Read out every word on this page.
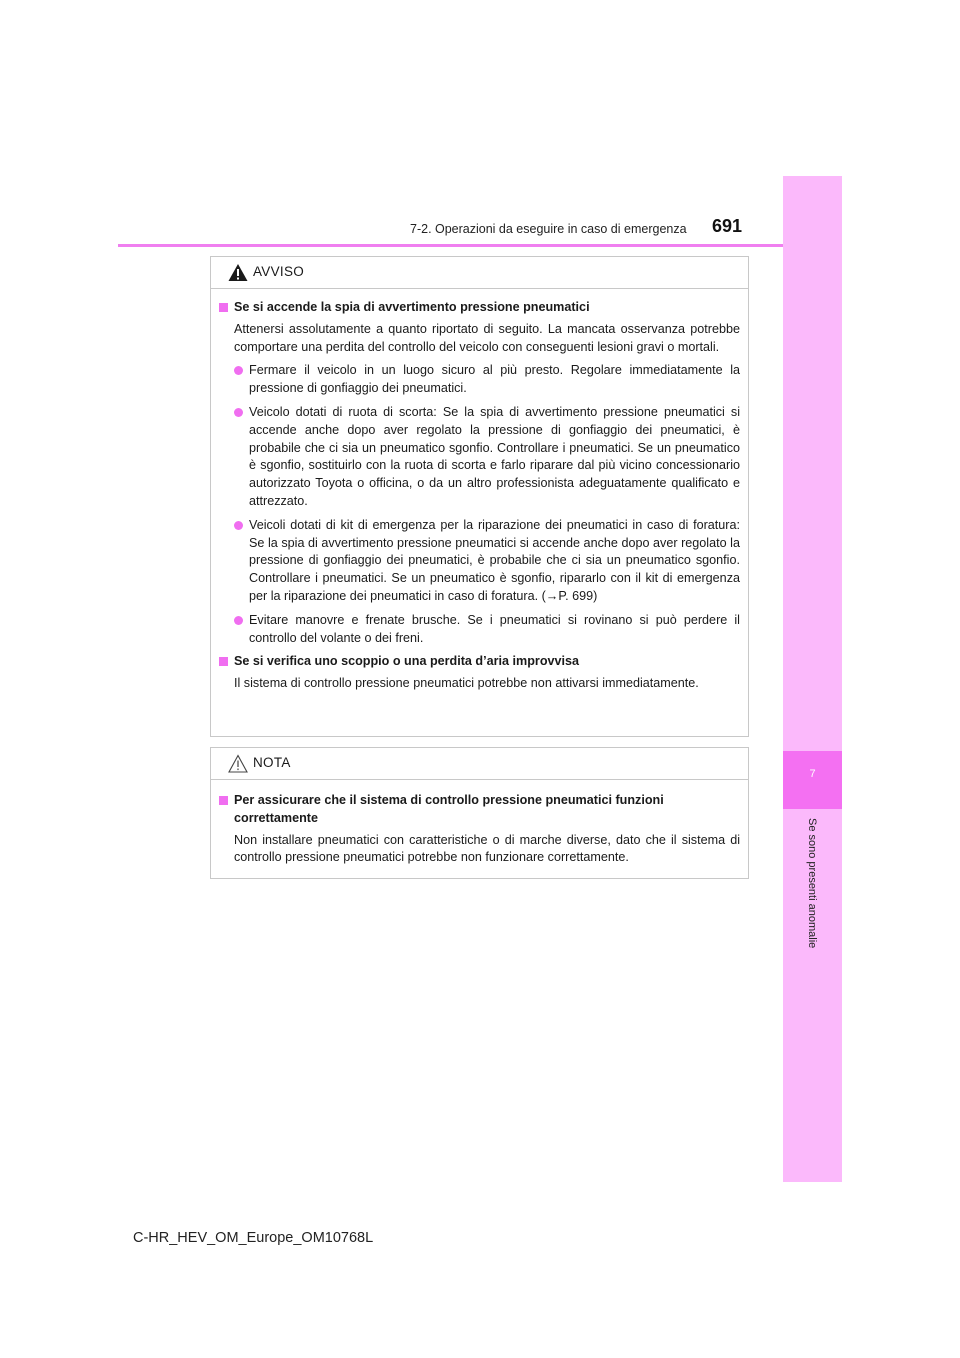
7
Se sono presenti anomalie
7-2. Operazioni da eseguire in caso di emergenza 691
AVVISO
Se si accende la spia di avvertimento pressione pneumatici
Attenersi assolutamente a quanto riportato di seguito. La mancata osservanza potrebbe comportare una perdita del controllo del veicolo con conseguenti lesioni gravi o mortali.
Fermare il veicolo in un luogo sicuro al più presto. Regolare immediatamente la pressione di gonfiaggio dei pneumatici.
Veicolo dotati di ruota di scorta: Se la spia di avvertimento pressione pneumatici si accende anche dopo aver regolato la pressione di gonfiaggio dei pneumatici, è probabile che ci sia un pneumatico sgonfio. Controllare i pneumatici. Se un pneumatico è sgonfio, sostituirlo con la ruota di scorta e farlo riparare dal più vicino concessionario autorizzato Toyota o officina, o da un altro professionista adeguatamente qualificato e attrezzato.
Veicoli dotati di kit di emergenza per la riparazione dei pneumatici in caso di foratura: Se la spia di avvertimento pressione pneumatici si accende anche dopo aver regolato la pressione di gonfiaggio dei pneumatici, è probabile che ci sia un pneumatico sgonfio. Controllare i pneumatici. Se un pneumatico è sgonfio, ripararlo con il kit di emergenza per la riparazione dei pneumatici in caso di foratura. (→P. 699)
Evitare manovre e frenate brusche. Se i pneumatici si rovinano si può perdere il controllo del volante o dei freni.
Se si verifica uno scoppio o una perdita d’aria improvvisa
Il sistema di controllo pressione pneumatici potrebbe non attivarsi immediatamente.
NOTA
Per assicurare che il sistema di controllo pressione pneumatici funzioni correttamente
Non installare pneumatici con caratteristiche o di marche diverse, dato che il sistema di controllo pressione pneumatici potrebbe non funzionare correttamente.
C-HR_HEV_OM_Europe_OM10768L
